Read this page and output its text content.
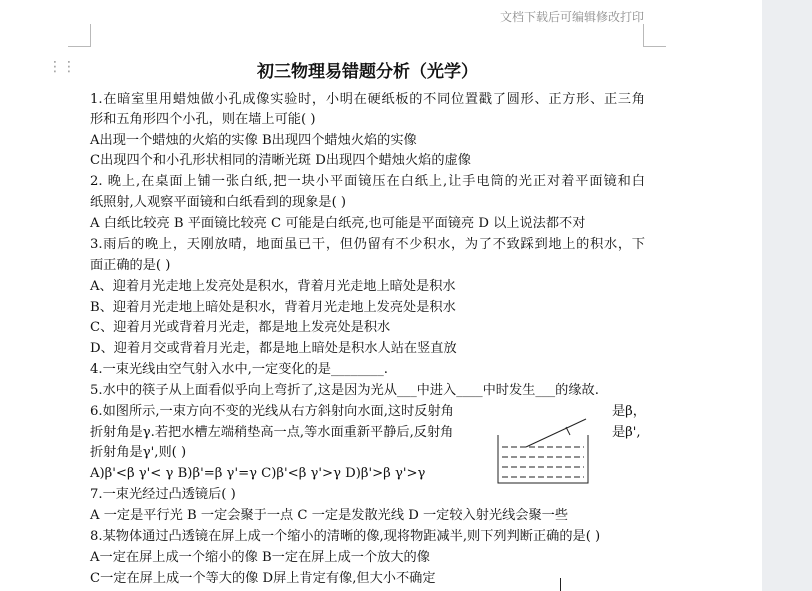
文档下载后可编辑修改打印
⋮⋮	初三物理易错题分析（光学）
1.在暗室里用蜡烛做小孔成像实验时，小明在硬纸板的不同位置戳了圆形、正方形、正三角
形和五角形四个小孔，则在墙上可能( )
A出现一个蜡烛的火焰的实像 B出现四个蜡烛火焰的实像
C出现四个和小孔形状相同的清晰光斑 D出现四个蜡烛火焰的虚像
2. 晚上,在桌面上铺一张白纸,把一块小平面镜压在白纸上,让手电筒的光正对着平面镜和白
纸照射,人观察平面镜和白纸看到的现象是( )
A 白纸比较亮 B 平面镜比较亮 C 可能是白纸亮,也可能是平面镜亮 D 以上说法都不对
3.雨后的晚上，天刚放晴，地面虽已干，但仍留有不少积水，为了不致踩到地上的积水，下
面正确的是( )
A、迎着月光走地上发亮处是积水，背着月光走地上暗处是积水
B、迎着月光走地上暗处是积水，背着月光走地上发亮处是积水
C、迎着月光或背着月光走，都是地上发亮处是积水
D、迎着月交或背着月光走，都是地上暗处是积水人站在竖直放
4.一束光线由空气射入水中,一定变化的是________.
5.水中的筷子从上面看似乎向上弯折了,这是因为光从___中进入____中时发生___的缘故.
6.如图所示,一束方向不变的光线从右方斜射向水面,这时反射角	是β，
折射角是γ.若把水槽左端稍垫高一点,等水面重新平静后,反射角	是β',
折射角是γ',则( )
A)β'<β γ'< γ B)β'=β γ'=γ C)β'<β γ'>γ D)β'>β γ'>γ
7.一束光经过凸透镜后( )
A 一定是平行光 B 一定会聚于一点 C 一定是发散光线 D 一定较入射光线会聚一些
8.某物体通过凸透镜在屏上成一个缩小的清晰的像,现将物距减半,则下列判断正确的是( )
A一定在屏上成一个缩小的像 B一定在屏上成一个放大的像
C一定在屏上成一个等大的像 D屏上肯定有像,但大小不确定
